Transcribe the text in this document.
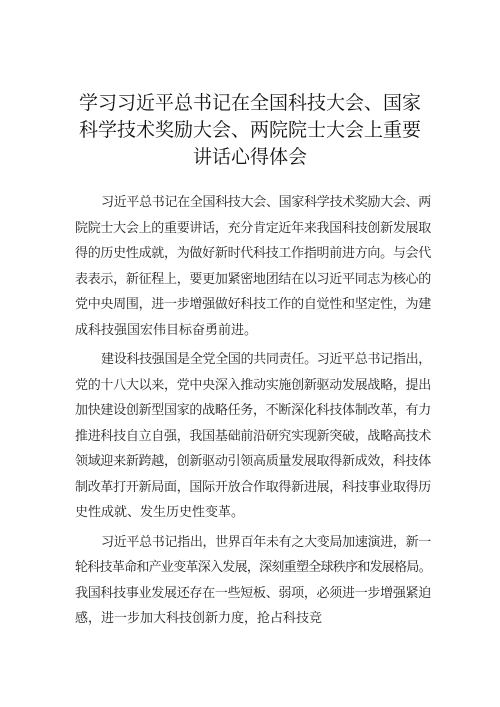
学习习近平总书记在全国科技大会、国家
科学技术奖励大会、两院院士大会上重要
讲话心得体会
习近平总书记在全国科技大会、国家科学技术奖励大会、两
院院士大会上的重要讲话，充分肯定近年来我国科技创新发展取
得的历史性成就，为做好新时代科技工作指明前进方向。与会代
表表示，新征程上，要更加紧密地团结在以习近平同志为核心的
党中央周围，进一步增强做好科技工作的自觉性和坚定性，为建
成科技强国宏伟目标奋勇前进。
建设科技强国是全党全国的共同责任。习近平总书记指出，
党的十八大以来，党中央深入推动实施创新驱动发展战略，提出
加快建设创新型国家的战略任务，不断深化科技体制改革，有力
推进科技自立自强，我国基础前沿研究实现新突破，战略高技术
领域迎来新跨越，创新驱动引领高质量发展取得新成效，科技体
制改革打开新局面，国际开放合作取得新进展，科技事业取得历
史性成就、发生历史性变革。
习近平总书记指出，世界百年未有之大变局加速演进，新一
轮科技革命和产业变革深入发展，深刻重塑全球秩序和发展格局。
我国科技事业发展还存在一些短板、弱项，必须进一步增强紧迫
感，进一步加大科技创新力度，抢占科技竞
